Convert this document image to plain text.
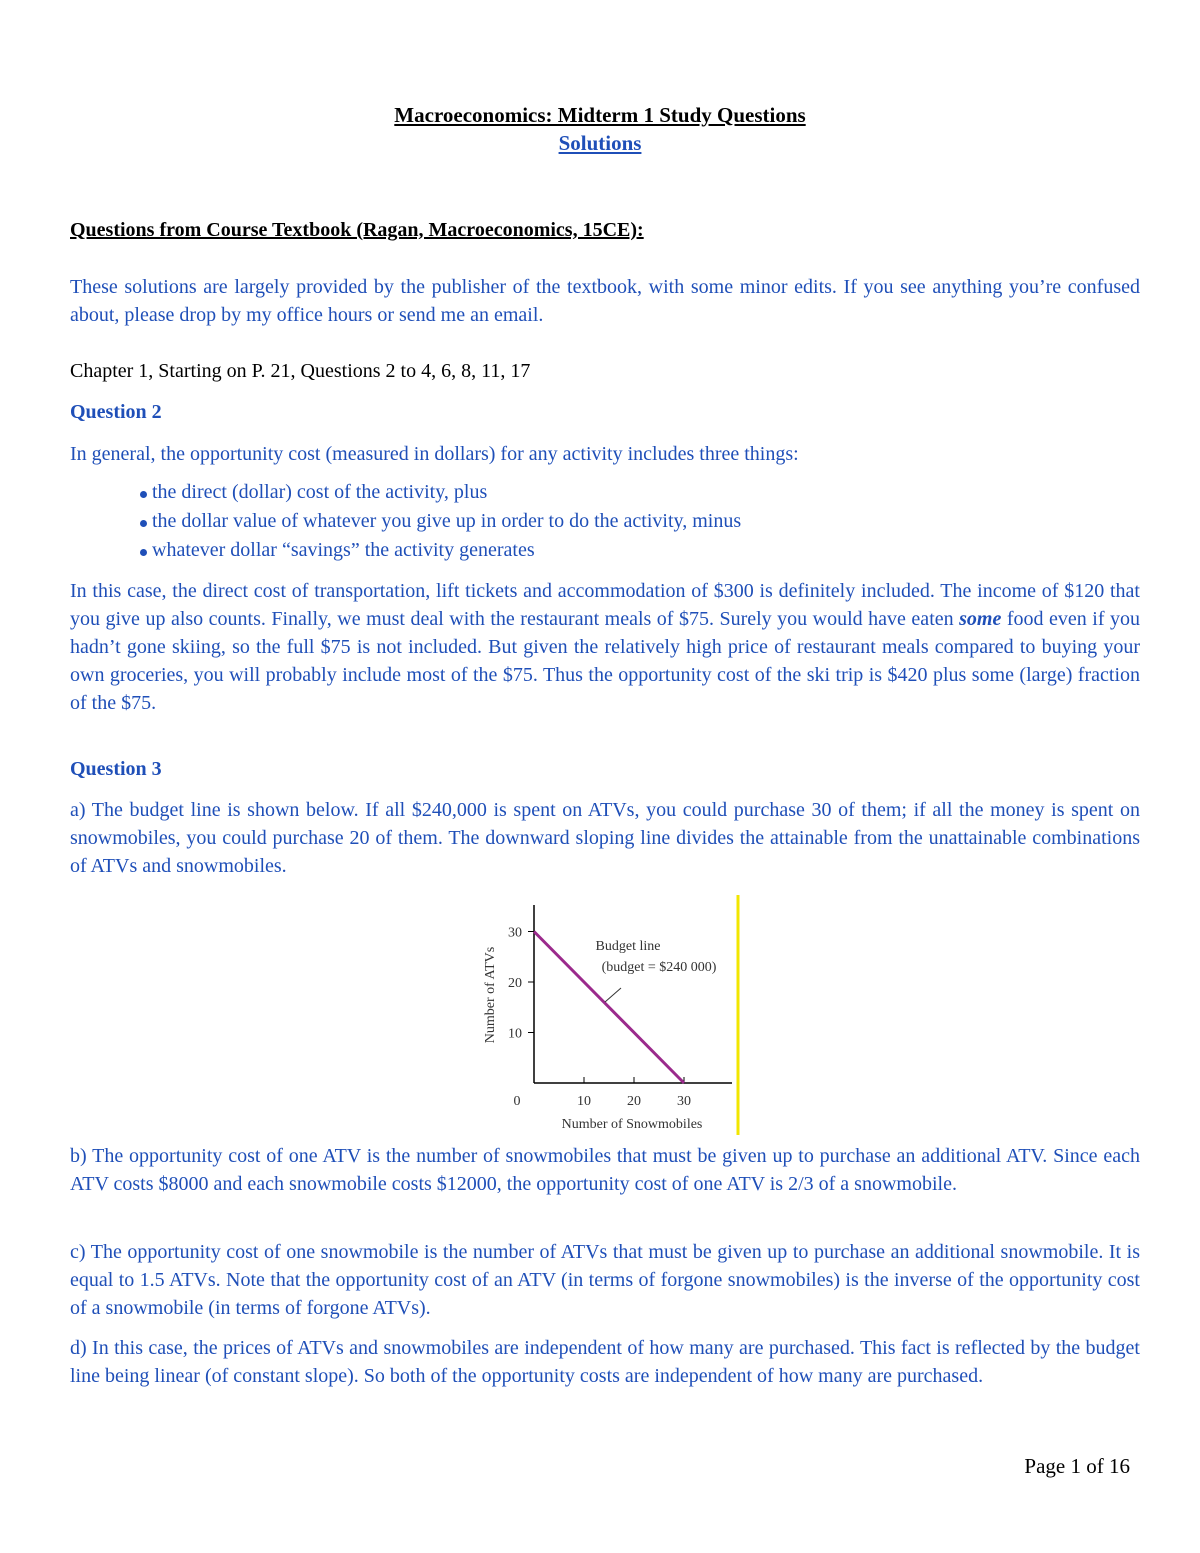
Macroeconomics: Midterm 1 Study Questions
Solutions
Questions from Course Textbook (Ragan, Macroeconomics, 15CE):

These solutions are largely provided by the publisher of the textbook, with some minor edits. If you see anything you’re confused about, please drop by my office hours or send me an email.

Chapter 1, Starting on P. 21, Questions 2 to 4, 6, 8, 11, 17
Question 2

In general, the opportunity cost (measured in dollars) for any activity includes three things:

the direct (dollar) cost of the activity, plus
the dollar value of whatever you give up in order to do the activity, minus
whatever dollar “savings” the activity generates

In this case, the direct cost of transportation, lift tickets and accommodation of $300 is definitely included. The income of $120 that you give up also counts. Finally, we must deal with the restaurant meals of $75. Surely you would have eaten some food even if you hadn’t gone skiing, so the full $75 is not included. But given the relatively high price of restaurant meals compared to buying your own groceries, you will probably include most of the $75. Thus the opportunity cost of the ski trip is $420 plus some (large) fraction of the $75.

Question 3

a) The budget line is shown below. If all $240,000 is spent on ATVs, you could purchase 30 of them; if all the money is spent on snowmobiles, you could purchase 20 of them. The downward sloping line divides the attainable from the unattainable combinations of ATVs and snowmobiles.

10	20	30
10
20
30
Budget line
(budget = $240 000)
0
Number of Snowmobiles
Number of ATVs

b) The opportunity cost of one ATV is the number of snowmobiles that must be given up to purchase an additional ATV. Since each ATV costs $8000 and each snowmobile costs $12000, the opportunity cost of one ATV is 2/3 of a snowmobile.

c) The opportunity cost of one snowmobile is the number of ATVs that must be given up to purchase an additional snowmobile. It is equal to 1.5 ATVs. Note that the opportunity cost of an ATV (in terms of forgone snowmobiles) is the inverse of the opportunity cost of a snowmobile (in terms of forgone ATVs).

d) In this case, the prices of ATVs and snowmobiles are independent of how many are purchased. This fact is reflected by the budget line being linear (of constant slope). So both of the opportunity costs are independent of how many are purchased.

Page 1 of 16
